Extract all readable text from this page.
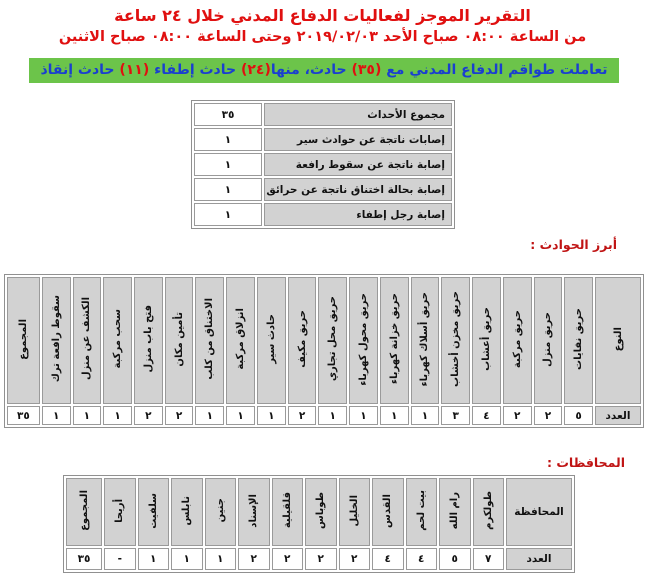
التقرير الموجز لفعاليات الدفاع المدني خلال ٢٤ ساعة
من الساعة ٠٨:٠٠ صباح الأحد ٢٠١٩/٠٢/٠٣ وحتى الساعة ٠٨:٠٠ صباح الاثنين
تعاملت طواقم الدفاع المدني مع (٣٥) حادث، منها(٢٤) حادث إطفاء (١١) حادث إنقاذ
مجموع الأحداث	٣٥
إصابات ناتجة عن حوادث سير	١
إصابة ناتجة عن سقوط رافعة	١
إصابة بحالة اختناق ناتجة عن حرائق	١
إصابة رجل إطفاء	١
أبرز الحوادث :
النوع	حريق نفايات	حريق منزل	حريق مركبة	حريق أعشاب	حريق مخزن أخشاب	حريق أسلاك كهرباء	حريق خزانة كهرباء	حريق محول كهرباء	حريق محل تجاري	حريق مكيف	حادث سير	انزلاق مركبة	الاختناق من كلب	تأمين مكان	فتح باب منزل	سحب مركبة	الكشف عن منزل	سقوط رافعة ترك	المجموع
العدد	٥	٢	٢	٤	٣	١	١	١	١	٢	١	١	١	٢	٢	١	١	١	٣٥
المحافظات :
المحافظة	طولكرم	رام الله	بيت لحم	القدس	الخليل	طوباس	قلقيلية	الإسناد	جنين	نابلس	سلفيت	أريحا	المجموع
العدد	٧	٥	٤	٤	٢	٢	٢	٢	١	١	١	-	٣٥
